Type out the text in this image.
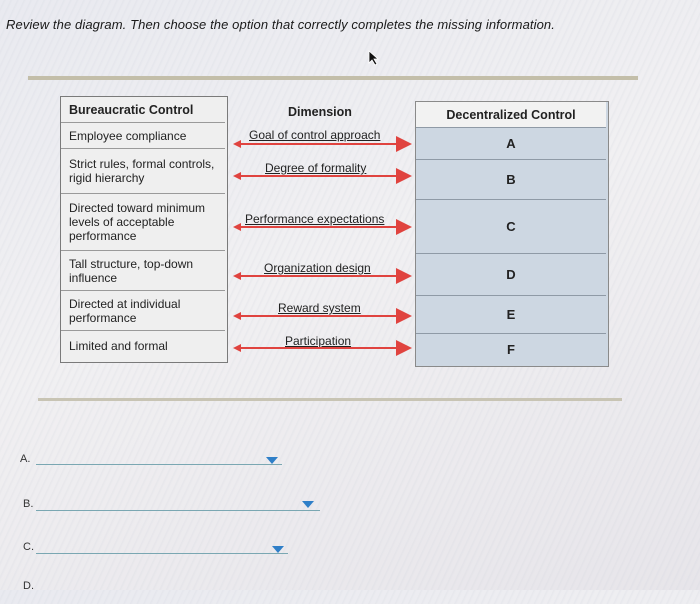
Review the diagram. Then choose the option that correctly completes the missing information.
Bureaucratic Control
Employee compliance
Strict rules, formal controls, rigid hierarchy
Directed toward minimum levels of acceptable performance
Tall structure, top-down influence
Directed at individual performance
Limited and formal
Dimension
Goal of control approach
Degree of formality
Performance expectations
Organization design
Reward system
Participation
Decentralized Control
A
B
C
D
E
F
A.
B.
C.
D.
